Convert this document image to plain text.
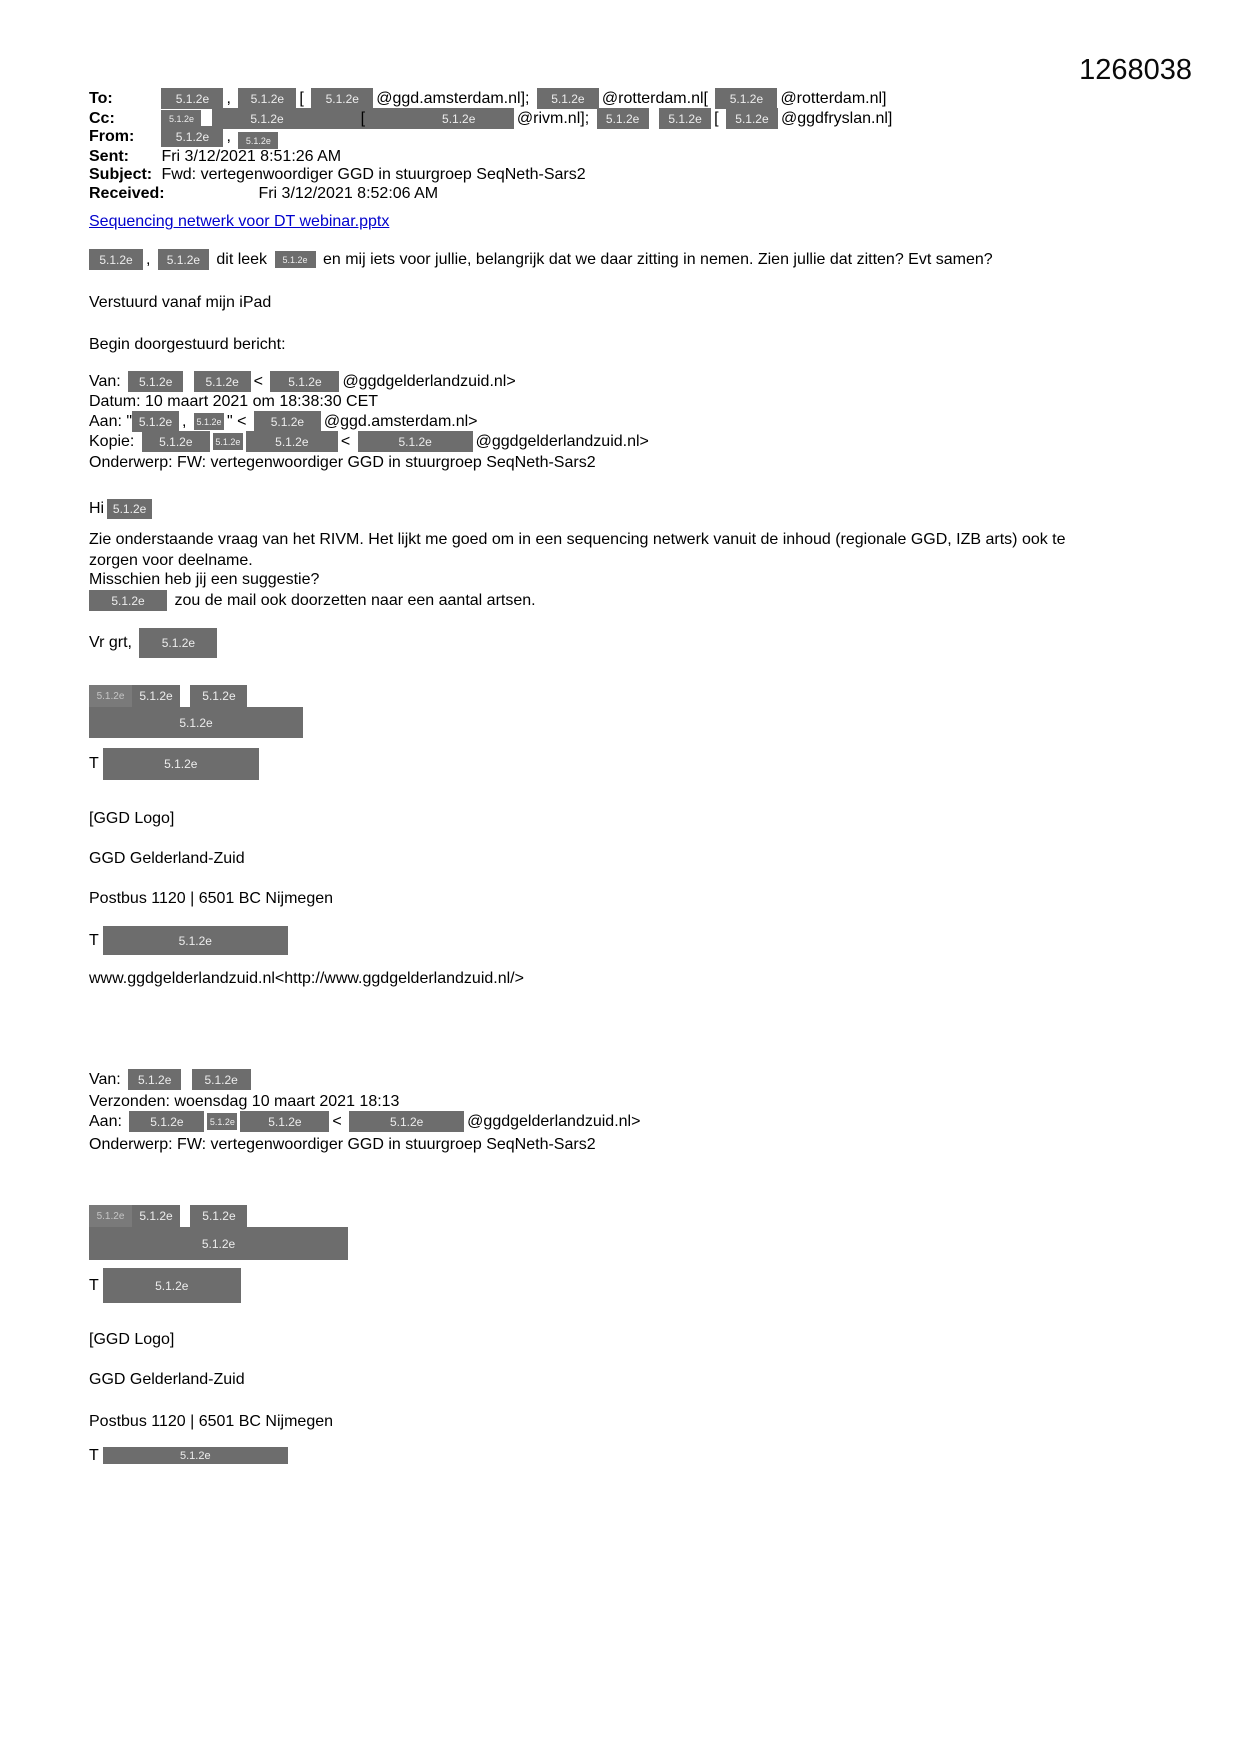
1268038
To:	5.1.2e , 5.1.2e [ 5.1.2e @ggd.amsterdam.nl]; 5.1.2e @rotterdam.nl[ 5.1.2e @rotterdam.nl]
Cc:	5.1.2e	5.1.2e	[	5.1.2e	@rivm.nl]; 5.1.2e 5.1.2e [ 5.1.2e @ggdfryslan.nl]
From:	5.1.2e , 5.1.2e
Sent: Fri 3/12/2021 8:51:26 AM
Subject: Fwd: vertegenwoordiger GGD in stuurgroep SeqNeth-Sars2
Received:	Fri 3/12/2021 8:52:06 AM
Sequencing netwerk voor DT webinar.pptx
5.1.2e , 5.1.2e dit leek 5.1.2e en mij iets voor jullie, belangrijk dat we daar zitting in nemen. Zien jullie dat zitten? Evt samen?
Verstuurd vanaf mijn iPad
Begin doorgestuurd bericht:
Van: 5.1.2e	5.1.2e < 5.1.2e @ggdgelderlandzuid.nl>
Datum: 10 maart 2021 om 18:38:30 CET
Aan: " 5.1.2e , 5.1.2e " < 5.1.2e @ggd.amsterdam.nl>
Kopie: 5.1.2e	5.1.2e	5.1.2e <	5.1.2e	@ggdgelderlandzuid.nl>
Onderwerp: FW: vertegenwoordiger GGD in stuurgroep SeqNeth-Sars2
Hi 5.1.2e
Zie onderstaande vraag van het RIVM. Het lijkt me goed om in een sequencing netwerk vanuit de inhoud (regionale GGD, IZB arts) ook te
zorgen voor deelname.
Misschien heb jij een suggestie?
5.1.2e zou de mail ook doorzetten naar een aantal artsen.
Vr grt, 5.1.2e
5.1.2e 5.1.2e 5.1.2e
5.1.2e
T	5.1.2e
[GGD Logo]
GGD Gelderland-Zuid
Postbus 1120 | 6501 BC Nijmegen
T	5.1.2e
www.ggdgelderlandzuid.nl<http://www.ggdgelderlandzuid.nl/>
Van: 5.1.2e	5.1.2e
Verzonden: woensdag 10 maart 2021 18:13
Aan: 5.1.2e	5.1.2e	5.1.2e <	5.1.2e	@ggdgelderlandzuid.nl>
Onderwerp: FW: vertegenwoordiger GGD in stuurgroep SeqNeth-Sars2
5.1.2e 5.1.2e 5.1.2e
5.1.2e
T	5.1.2e
[GGD Logo]
GGD Gelderland-Zuid
Postbus 1120 | 6501 BC Nijmegen
T	5.1.2e
